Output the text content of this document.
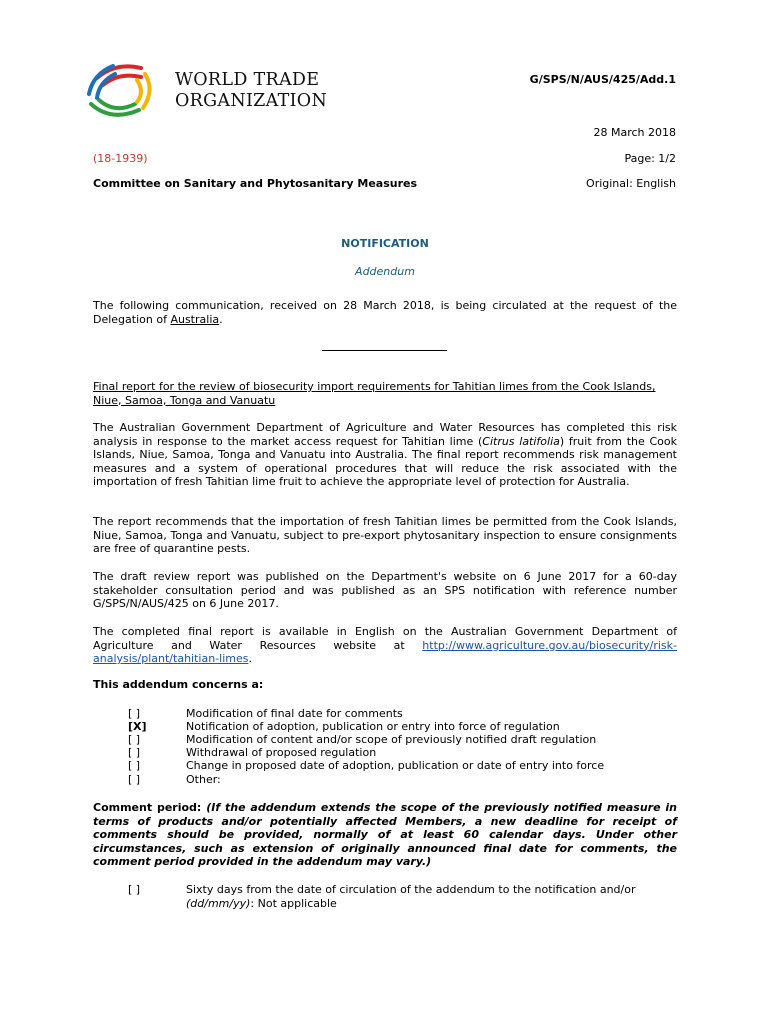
WORLD TRADE
ORGANIZATION
G/SPS/N/AUS/425/Add.1
28 March 2018
(18-1939)	Page: 1/2
Committee on Sanitary and Phytosanitary Measures	Original: English
NOTIFICATION
Addendum
The following communication, received on 28 March 2018, is being circulated at the request of the Delegation of Australia.
Final report for the review of biosecurity import requirements for Tahitian limes from the Cook Islands, Niue, Samoa, Tonga and Vanuatu
The Australian Government Department of Agriculture and Water Resources has completed this risk analysis in response to the market access request for Tahitian lime (Citrus latifolia) fruit from the Cook Islands, Niue, Samoa, Tonga and Vanuatu into Australia. The final report recommends risk management measures and a system of operational procedures that will reduce the risk associated with the importation of fresh Tahitian lime fruit to achieve the appropriate level of protection for Australia.
The report recommends that the importation of fresh Tahitian limes be permitted from the Cook Islands, Niue, Samoa, Tonga and Vanuatu, subject to pre-export phytosanitary inspection to ensure consignments are free of quarantine pests.
The draft review report was published on the Department's website on 6 June 2017 for a 60-day stakeholder consultation period and was published as an SPS notification with reference number G/SPS/N/AUS/425 on 6 June 2017.
The completed final report is available in English on the Australian Government Department of Agriculture and Water Resources website at http://www.agriculture.gov.au/biosecurity/risk-analysis/plant/tahitian-limes.
This addendum concerns a:
[ ]	Modification of final date for comments
[X]	Notification of adoption, publication or entry into force of regulation
[ ]	Modification of content and/or scope of previously notified draft regulation
[ ]	Withdrawal of proposed regulation
[ ]	Change in proposed date of adoption, publication or date of entry into force
[ ]	Other:
Comment period: (If the addendum extends the scope of the previously notified measure in terms of products and/or potentially affected Members, a new deadline for receipt of comments should be provided, normally of at least 60 calendar days. Under other circumstances, such as extension of originally announced final date for comments, the comment period provided in the addendum may vary.)
[ ]	Sixty days from the date of circulation of the addendum to the notification and/or (dd/mm/yy): Not applicable
